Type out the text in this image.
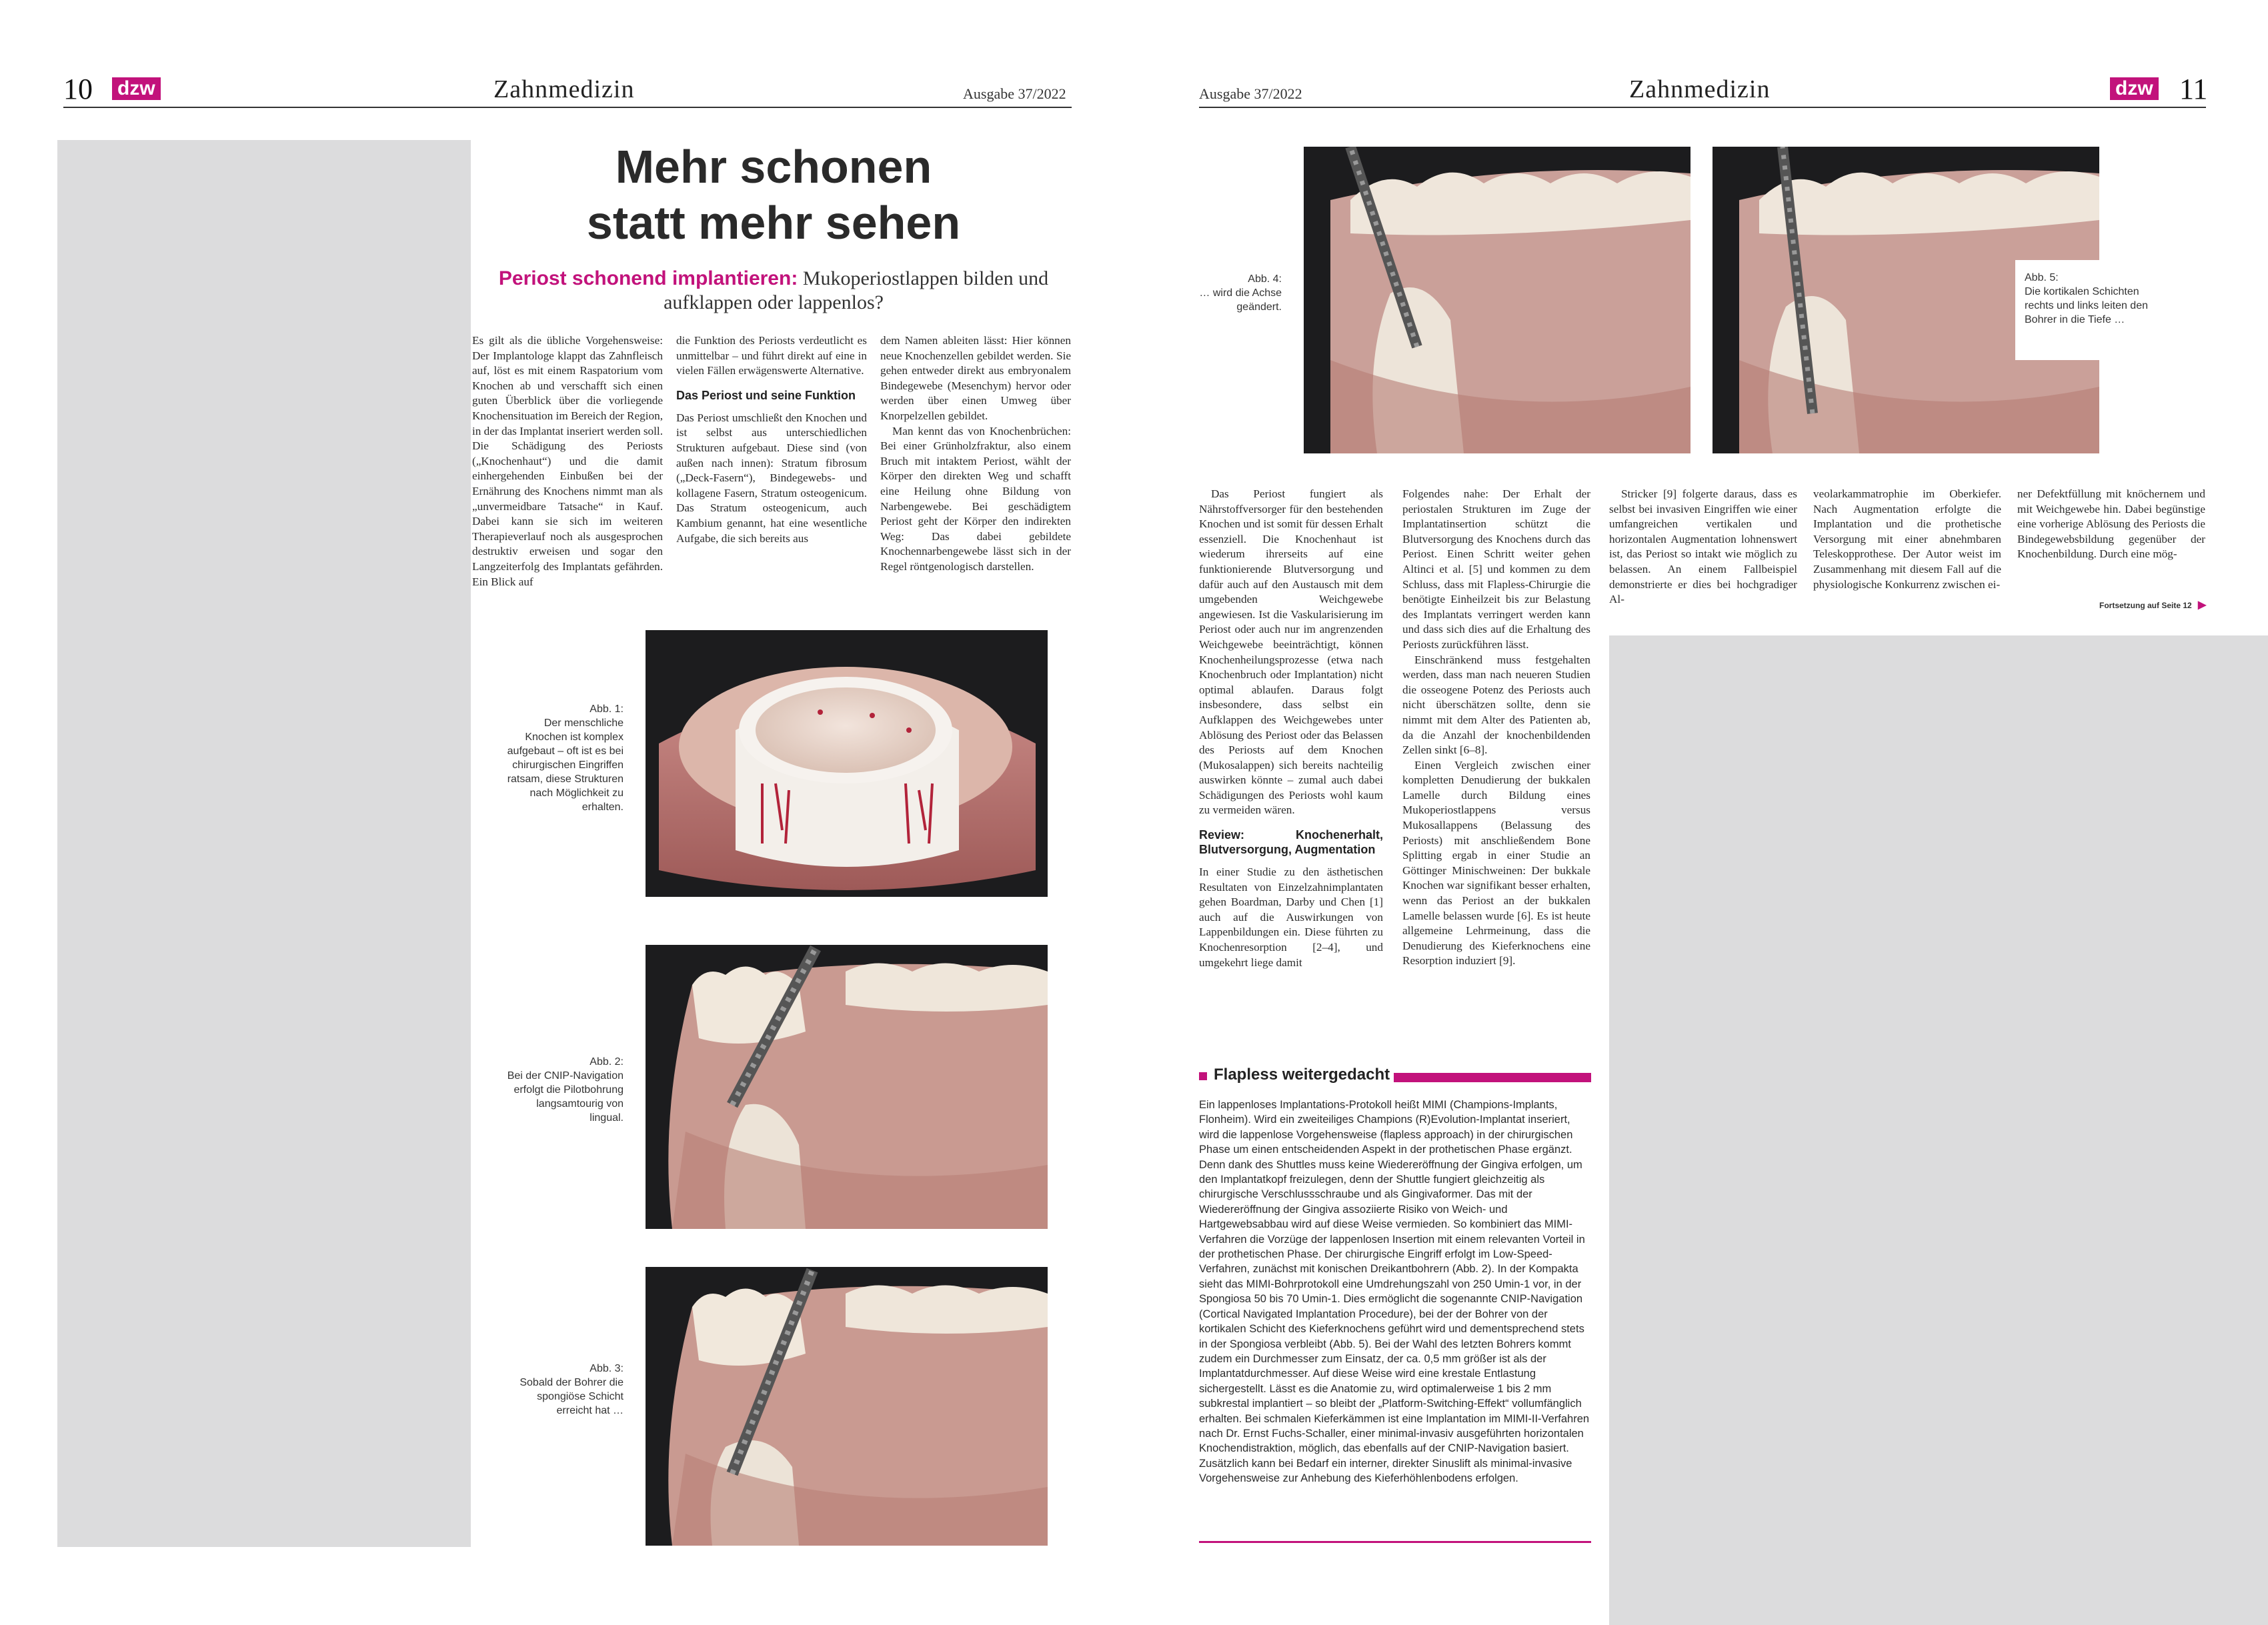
10 dzw	Zahnmedizin	Ausgabe 37/2022	Ausgabe 37/2022	Zahnmedizin	dzw 11
Mehr schonen
statt mehr sehen
Periost schonend implantieren: Mukoperiostlappen bilden und
aufklappen oder lappenlos?

Es gilt als die übliche Vorgehensweise: Der Implantologe klappt das Zahnfleisch auf, löst es mit einem Raspatorium vom Knochen ab und verschafft sich einen guten Überblick über die vorliegende Knochensituation im Bereich der Region, in der das Implantat inseriert werden soll. Die Schädigung des Periosts („Knochenhaut“) und die damit einhergehenden Einbußen bei der Ernährung des Knochens nimmt man als „unvermeidbare Tatsache“ in Kauf. Dabei kann sie sich im weiteren Therapieverlauf noch als ausgesprochen destruktiv erweisen und sogar den Langzeiterfolg des Implantats gefährden. Ein Blick auf

die Funktion des Periosts verdeutlicht es unmittelbar – und führt direkt auf eine in vielen Fällen erwägenswerte Alternative.

Das Periost und seine Funktion

Das Periost umschließt den Knochen und ist selbst aus unterschiedlichen Strukturen aufgebaut. Diese sind (von außen nach innen): Stratum fibrosum („Deck-Fasern“), Bindegewebs- und kollagene Fasern, Stratum osteogenicum. Das Stratum osteogenicum, auch Kambium genannt, hat eine wesentliche Aufgabe, die sich bereits aus

dem Namen ableiten lässt: Hier können neue Knochenzellen gebildet werden. Sie gehen entweder direkt aus embryonalem Bindegewebe (Mesenchym) hervor oder werden über einen Umweg über Knorpelzellen gebildet.

Man kennt das von Knochenbrüchen: Bei einer Grünholzfraktur, also einem Bruch mit intaktem Periost, wählt der Körper den direkten Weg und schafft eine Heilung ohne Bildung von Narbengewebe. Bei geschädigtem Periost geht der Körper den indirekten Weg: Das dabei gebildete Knochennarbengewebe lässt sich in der Regel röntgenologisch darstellen.

Abb. 1:
Der menschliche Knochen ist komplex aufgebaut – oft ist es bei chirurgischen Eingriffen ratsam, diese Strukturen nach Möglichkeit zu erhalten.
Abb. 2:
Bei der CNIP-Navigation erfolgt die Pilotbohrung langsamtourig von lingual.
Abb. 3:
Sobald der Bohrer die spongiöse Schicht erreicht hat …
Abb. 4:
… wird die Achse geändert.
Abb. 5:
Die kortikalen Schichten rechts und links leiten den Bohrer in die Tiefe …

Das Periost fungiert als Nährstoffversorger für den bestehenden Knochen und ist somit für dessen Erhalt essenziell. Die Knochenhaut ist wiederum ihrerseits auf eine funktionierende Blutversorgung und dafür auch auf den Austausch mit dem umgebenden Weichgewebe angewiesen. Ist die Vaskularisierung im Periost oder auch nur im angrenzenden Weichgewebe beeinträchtigt, können Knochenheilungsprozesse (etwa nach Knochenbruch oder Implantation) nicht optimal ablaufen. Daraus folgt insbesondere, dass selbst ein Aufklappen des Weichgewebes unter Ablösung des Periost oder das Belassen des Periosts auf dem Knochen (Mukosalappen) sich bereits nachteilig auswirken könnte – zumal auch dabei Schädigungen des Periosts wohl kaum zu vermeiden wären.

Review: Knochenerhalt, Blutversorgung, Augmentation

In einer Studie zu den ästhetischen Resultaten von Einzelzahnimplantaten gehen Boardman, Darby und Chen [1] auch auf die Auswirkungen von Lappenbildungen ein. Diese führten zu Knochenresorption [2–4], und umgekehrt liege damit

Folgendes nahe: Der Erhalt der periostalen Strukturen im Zuge der Implantatinsertion schützt die Blutversorgung des Knochens durch das Periost. Einen Schritt weiter gehen Altinci et al. [5] und kommen zu dem Schluss, dass mit Flapless-Chirurgie die benötigte Einheilzeit bis zur Belastung des Implantats verringert werden kann und dass sich dies auf die Erhaltung des Periosts zurückführen lässt.

Einschränkend muss festgehalten werden, dass man nach neueren Studien die osseogene Potenz des Periosts auch nicht überschätzen sollte, denn sie nimmt mit dem Alter des Patienten ab, da die Anzahl der knochenbildenden Zellen sinkt [6–8].

Einen Vergleich zwischen einer kompletten Denudierung der bukkalen Lamelle durch Bildung eines Mukoperiostlappens versus Mukosallappens (Belassung des Periosts) mit anschließendem Bone Splitting ergab in einer Studie an Göttinger Minischweinen: Der bukkale Knochen war signifikant besser erhalten, wenn das Periost an der bukkalen Lamelle belassen wurde [6]. Es ist heute allgemeine Lehrmeinung, dass die Denudierung des Kieferknochens eine Resorption induziert [9].

Stricker [9] folgerte daraus, dass es selbst bei invasiven Eingriffen wie einer umfangreichen vertikalen und horizontalen Augmentation lohnenswert ist, das Periost so intakt wie möglich zu belassen. An einem Fallbeispiel demonstrierte er dies bei hochgradiger Al-

veolarkammatrophie im Oberkiefer. Nach Augmentation erfolgte die Implantation und die prothetische Versorgung mit einer abnehmbaren Teleskopprothese. Der Autor weist im Zusammenhang mit diesem Fall auf die physiologische Konkurrenz zwischen ei-

ner Defektfüllung mit knöchernem und mit Weichgewebe hin. Dabei begünstige eine vorherige Ablösung des Periosts die Bindegewebsbildung gegenüber der Knochenbildung. Durch eine mög-

Fortsetzung auf Seite 12 ▶
Flapless weitergedacht
Ein lappenloses Implantations-Protokoll heißt MIMI (Champions-Implants, Flonheim). Wird ein zweiteiliges Champions (R)Evolution-Implantat inseriert, wird die lappenlose Vorgehensweise (flapless approach) in der chirurgischen Phase um einen entscheidenden Aspekt in der prothetischen Phase ergänzt. Denn dank des Shuttles muss keine Wiedereröffnung der Gingiva erfolgen, um den Implantatkopf freizulegen, denn der Shuttle fungiert gleichzeitig als chirurgische Verschlussschraube und als Gingivaformer. Das mit der Wiedereröffnung der Gingiva assoziierte Risiko von Weich- und Hartgewebsabbau wird auf diese Weise vermieden. So kombiniert das MIMI-Verfahren die Vorzüge der lappenlosen Insertion mit einem relevanten Vorteil in der prothetischen Phase. Der chirurgische Eingriff erfolgt im Low-Speed-Verfahren, zunächst mit konischen Dreikantbohrern (Abb. 2). In der Kompakta sieht das MIMI-Bohrprotokoll eine Umdrehungszahl von 250 Umin-1 vor, in der Spongiosa 50 bis 70 Umin-1. Dies ermöglicht die sogenannte CNIP-Navigation (Cortical Navigated Implantation Procedure), bei der der Bohrer von der kortikalen Schicht des Kieferknochens geführt wird und dementsprechend stets in der Spongiosa verbleibt (Abb. 5). Bei der Wahl des letzten Bohrers kommt zudem ein Durchmesser zum Einsatz, der ca. 0,5 mm größer ist als der Implantatdurchmesser. Auf diese Weise wird eine krestale Entlastung sichergestellt. Lässt es die Anatomie zu, wird optimalerweise 1 bis 2 mm subkrestal implantiert – so bleibt der „Platform-Switching-Effekt“ vollumfänglich erhalten. Bei schmalen Kieferkämmen ist eine Implantation im MIMI-II-Verfahren nach Dr. Ernst Fuchs-Schaller, einer minimal-invasiv ausgeführten horizontalen Knochendistraktion, möglich, das ebenfalls auf der CNIP-Navigation basiert. Zusätzlich kann bei Bedarf ein interner, direkter Sinuslift als minimal-invasive Vorgehensweise zur Anhebung des Kieferhöhlenbodens erfolgen.
